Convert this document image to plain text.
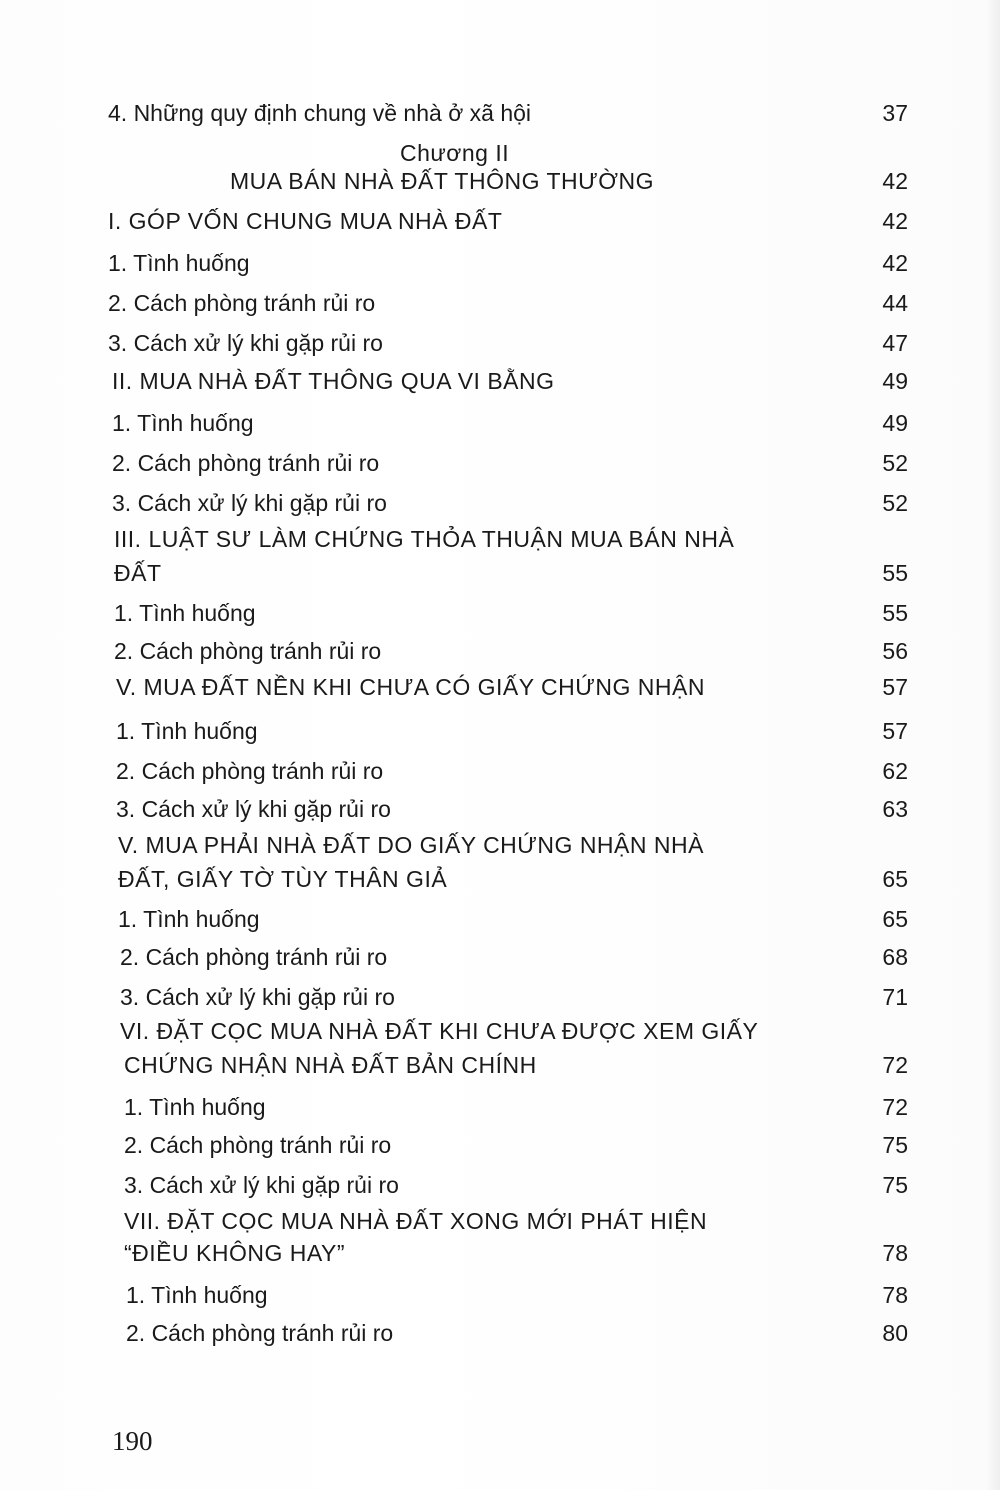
4. Những quy định chung về nhà ở xã hội	37
Chương II
MUA BÁN NHÀ ĐẤT THÔNG THƯỜNG	42
I. GÓP VỐN CHUNG MUA NHÀ ĐẤT	42
1. Tình huống	42
2. Cách phòng tránh rủi ro	44
3. Cách xử lý khi gặp rủi ro	47
II. MUA NHÀ ĐẤT THÔNG QUA VI BẰNG	49
1. Tình huống	49
2. Cách phòng tránh rủi ro	52
3. Cách xử lý khi gặp rủi ro	52
III. LUẬT SƯ LÀM CHỨNG THỎA THUẬN MUA BÁN NHÀ
ĐẤT	55
1. Tình huống	55
2. Cách phòng tránh rủi ro	56
V. MUA ĐẤT NỀN KHI CHƯA CÓ GIẤY CHỨNG NHẬN	57
1. Tình huống	57
2. Cách phòng tránh rủi ro	62
3. Cách xử lý khi gặp rủi ro	63
V. MUA PHẢI NHÀ ĐẤT DO GIẤY CHỨNG NHẬN NHÀ
ĐẤT, GIẤY TỜ TÙY THÂN GIẢ	65
1. Tình huống	65
2. Cách phòng tránh rủi ro	68
3. Cách xử lý khi gặp rủi ro	71
VI. ĐẶT CỌC MUA NHÀ ĐẤT KHI CHƯA ĐƯỢC XEM GIẤY
CHỨNG NHẬN NHÀ ĐẤT BẢN CHÍNH	72
1. Tình huống	72
2. Cách phòng tránh rủi ro	75
3. Cách xử lý khi gặp rủi ro	75
VII. ĐẶT CỌC MUA NHÀ ĐẤT XONG MỚI PHÁT HIỆN
“ĐIỀU KHÔNG HAY”	78
1. Tình huống	78
2. Cách phòng tránh rủi ro	80
190
